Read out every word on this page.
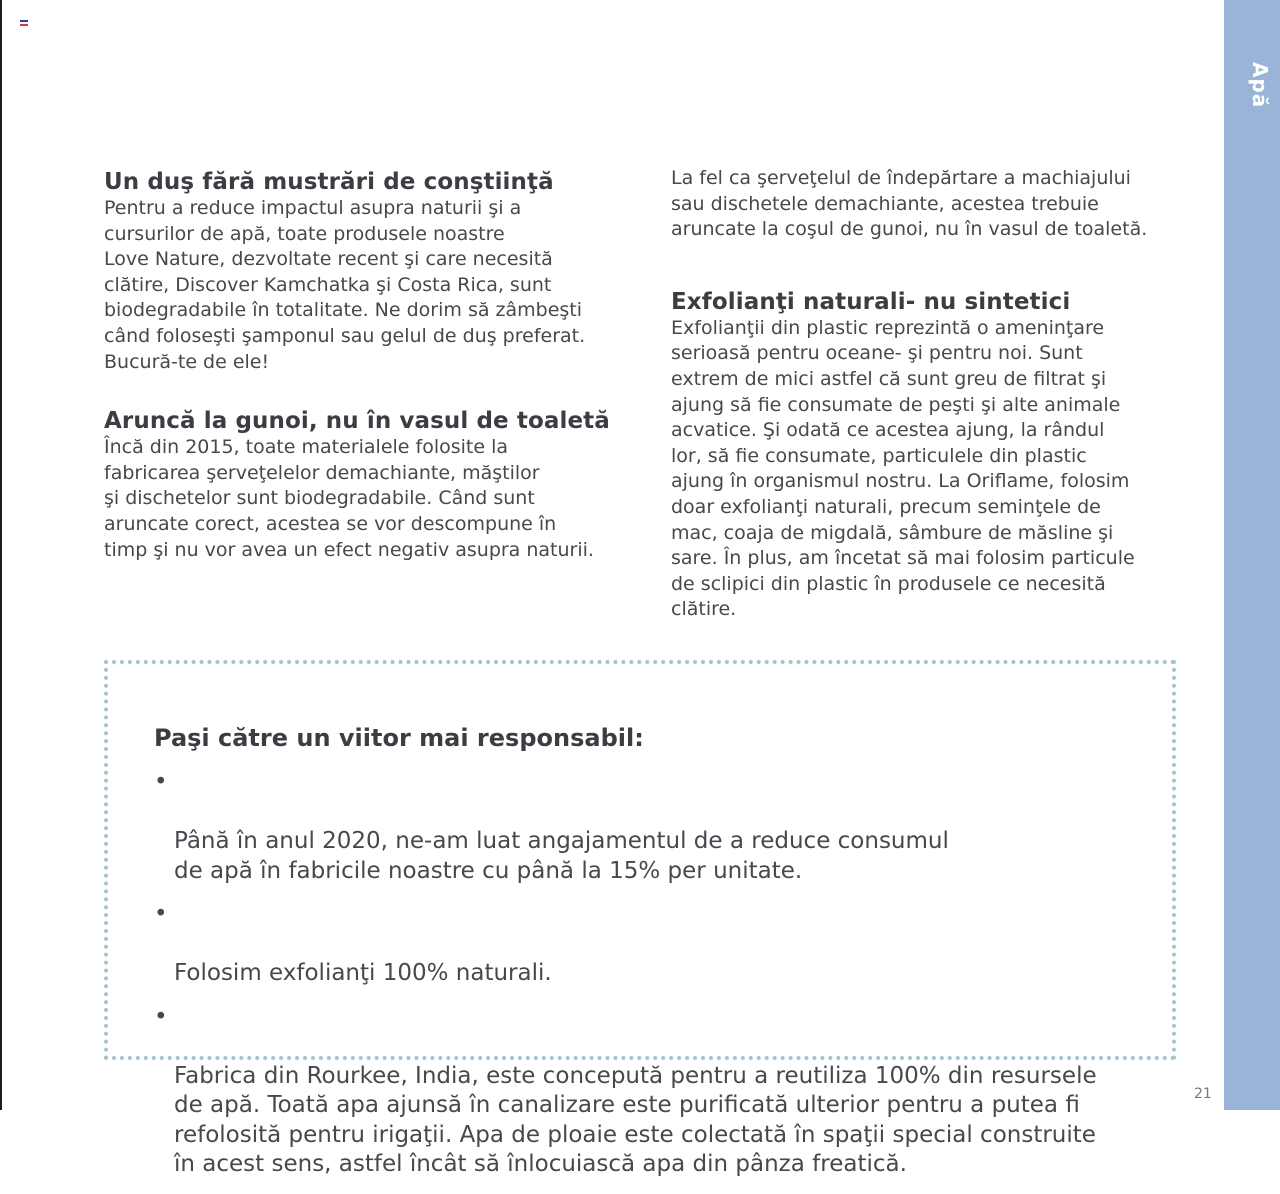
Apă
Un duş fără mustrări de conştiinţă

Pentru a reduce impactul asupra naturii şi a
cursurilor de apă, toate produsele noastre
Love Nature, dezvoltate recent şi care necesită
clătire, Discover Kamchatka şi Costa Rica, sunt
biodegradabile în totalitate. Ne dorim să zâmbeşti
când foloseşti şamponul sau gelul de duş preferat.
Bucură-te de ele!

Aruncă la gunoi, nu în vasul de toaletă

Încă din 2015, toate materialele folosite la
fabricarea şerveţelelor demachiante, măştilor
şi dischetelor sunt biodegradabile. Când sunt
aruncate corect, acestea se vor descompune în
timp şi nu vor avea un efect negativ asupra naturii.

La fel ca şerveţelul de îndepărtare a machiajului
sau dischetele demachiante, acestea trebuie
aruncate la coşul de gunoi, nu în vasul de toaletă.

Exfolianţi naturali- nu sintetici

Exfolianţii din plastic reprezintă o ameninţare
serioasă pentru oceane- şi pentru noi. Sunt
extrem de mici astfel că sunt greu de filtrat şi
ajung să fie consumate de peşti şi alte animale
acvatice. Şi odată ce acestea ajung, la rândul
lor, să fie consumate, particulele din plastic
ajung în organismul nostru. La Oriflame, folosim
doar exfolianţi naturali, precum seminţele de
mac, coaja de migdală, sâmbure de măsline şi
sare. În plus, am încetat să mai folosim particule
de sclipici din plastic în produsele ce necesită
clătire.

Paşi către un viitor mai responsabil:

•

Până în anul 2020, ne-am luat angajamentul de a reduce consumul
de apă în fabricile noastre cu până la 15% per unitate.

•

Folosim exfolianţi 100% naturali.

•

Fabrica din Rourkee, India, este concepută pentru a reutiliza 100% din resursele
de apă. Toată apa ajunsă în canalizare este purificată ulterior pentru a putea fi
refolosită pentru irigaţii. Apa de ploaie este colectată în spaţii special construite
în acest sens, astfel încât să înlocuiască apa din pânza freatică.

21
